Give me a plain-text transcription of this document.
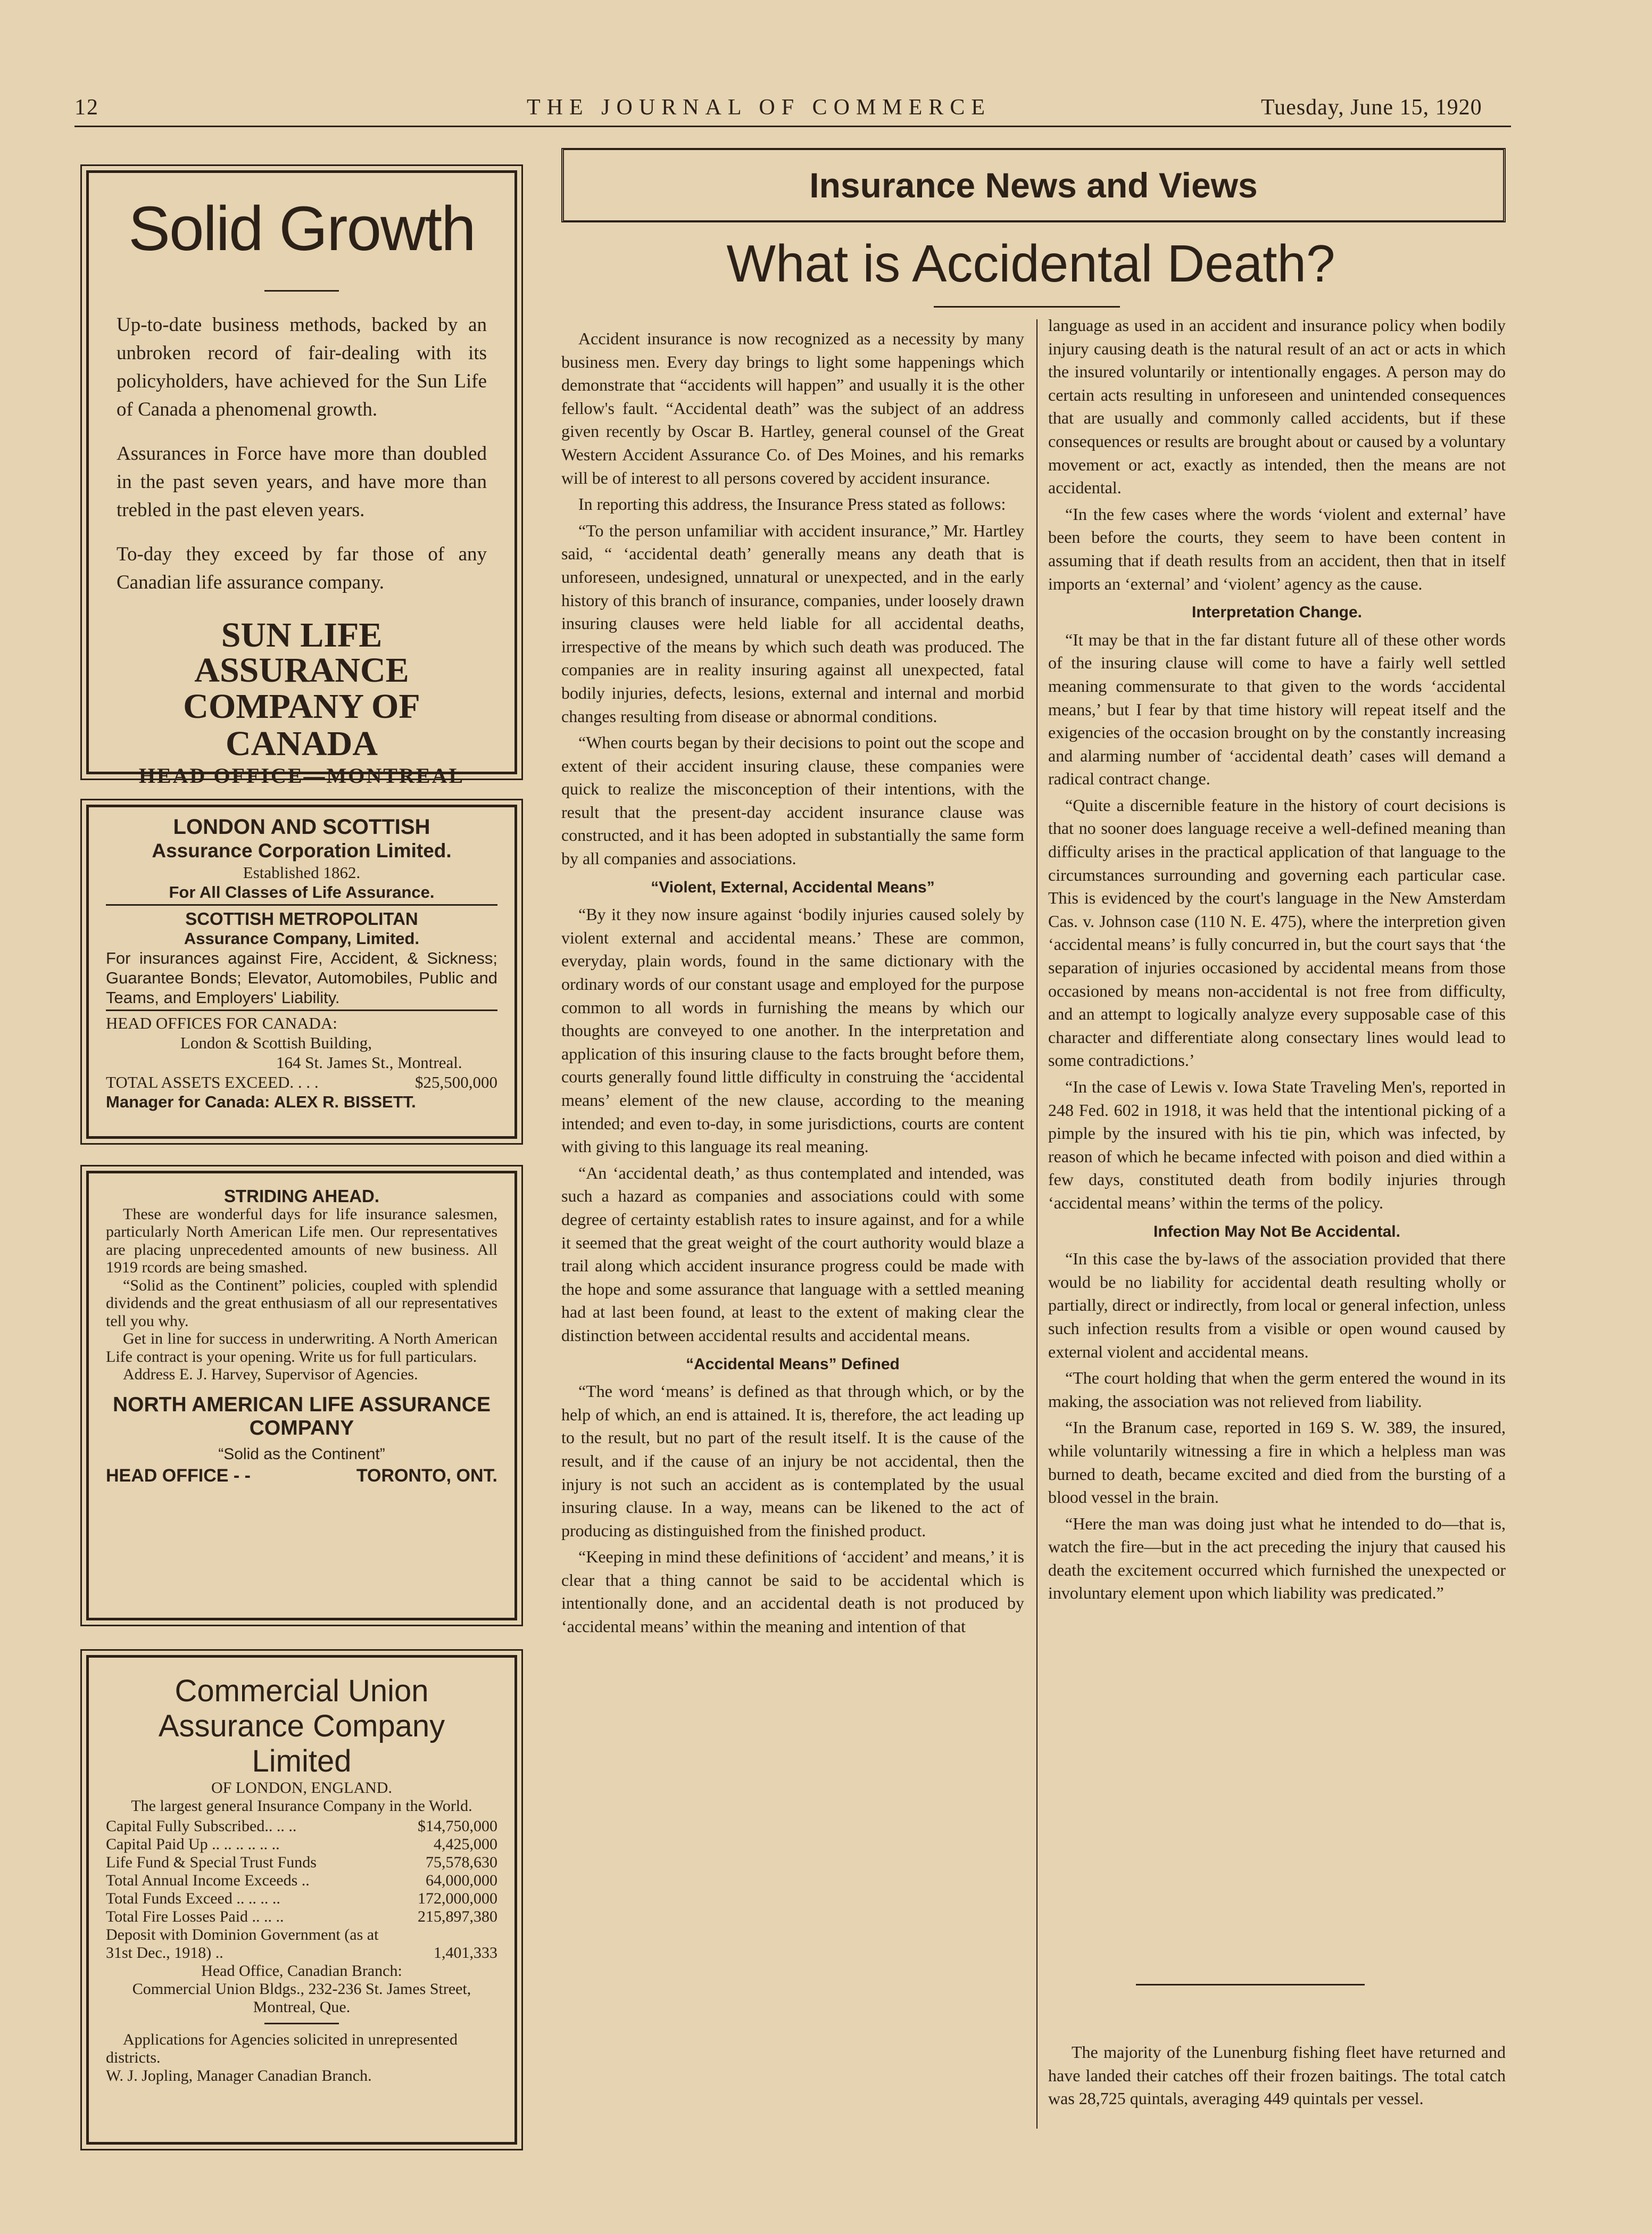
12	THE JOURNAL OF COMMERCE	Tuesday, June 15, 1920
Solid Growth

Up-to-date business methods, backed by an unbroken record of fair-dealing with its policyholders, have achieved for the Sun Life of Canada a phenomenal growth.

Assurances in Force have more than doubled in the past seven years, and have more than trebled in the past eleven years.

To-day they exceed by far those of any Canadian life assurance company.

SUN LIFE ASSURANCE
COMPANY OF CANADA
HEAD OFFICE—MONTREAL
LONDON AND SCOTTISH
Assurance Corporation Limited.
Established 1862.
For All Classes of Life Assurance.
SCOTTISH METROPOLITAN
Assurance Company, Limited.
For insurances against Fire, Accident, & Sickness; Guarantee Bonds; Elevator, Automobiles, Public and Teams, and Employers' Liability.
HEAD OFFICES FOR CANADA:
London & Scottish Building,
164 St. James St., Montreal.
TOTAL ASSETS EXCEED. . . .	$25,500,000
Manager for Canada: ALEX R. BISSETT.
STRIDING AHEAD.

These are wonderful days for life insurance salesmen, particularly North American Life men. Our representatives are placing unprecedented amounts of new business. All 1919 rcords are being smashed.

“Solid as the Continent” policies, coupled with splendid dividends and the great enthusiasm of all our representatives tell you why.

Get in line for success in underwriting. A North American Life contract is your opening. Write us for full particulars.

Address E. J. Harvey, Supervisor of Agencies.

NORTH AMERICAN LIFE ASSURANCE COMPANY
“Solid as the Continent”
HEAD OFFICE - -	TORONTO, ONT.
Commercial Union Assurance Company Limited
OF LONDON, ENGLAND.
The largest general Insurance Company in the World.
Capital Fully Subscribed.. .. ..	$14,750,000
Capital Paid Up .. .. .. .. .. ..	4,425,000
Life Fund & Special Trust Funds	75,578,630
Total Annual Income Exceeds ..	64,000,000
Total Funds Exceed .. .. .. ..	172,000,000
Total Fire Losses Paid .. .. ..	215,897,380
Deposit with Dominion Government (as at 31st Dec., 1918) ..	1,401,333
Head Office, Canadian Branch:
Commercial Union Bldgs., 232-236 St. James Street, Montreal, Que.
Applications for Agencies solicited in unrepresented districts.
W. J. Jopling, Manager Canadian Branch.
Insurance News and Views
What is Accidental Death?

Accident insurance is now recognized as a necessity by many business men. Every day brings to light some happenings which demonstrate that “accidents will happen” and usually it is the other fellow's fault. “Accidental death” was the subject of an address given recently by Oscar B. Hartley, general counsel of the Great Western Accident Assurance Co. of Des Moines, and his remarks will be of interest to all persons covered by accident insurance.

In reporting this address, the Insurance Press stated as follows:

“To the person unfamiliar with accident insurance,” Mr. Hartley said, “ ‘accidental death’ generally means any death that is unforeseen, undesigned, unnatural or unexpected, and in the early history of this branch of insurance, companies, under loosely drawn insuring clauses were held liable for all accidental deaths, irrespective of the means by which such death was produced. The companies are in reality insuring against all unexpected, fatal bodily injuries, defects, lesions, external and internal and morbid changes resulting from disease or abnormal conditions.

“When courts began by their decisions to point out the scope and extent of their accident insuring clause, these companies were quick to realize the misconception of their intentions, with the result that the present-day accident insurance clause was constructed, and it has been adopted in substantially the same form by all companies and associations.

“Violent, External, Accidental Means”

“By it they now insure against ‘bodily injuries caused solely by violent external and accidental means.’ These are common, everyday, plain words, found in the same dictionary with the ordinary words of our constant usage and employed for the purpose common to all words in furnishing the means by which our thoughts are conveyed to one another. In the interpretation and application of this insuring clause to the facts brought before them, courts generally found little difficulty in construing the ‘accidental means’ element of the new clause, according to the meaning intended; and even to-day, in some jurisdictions, courts are content with giving to this language its real meaning.

“An ‘accidental death,’ as thus contemplated and intended, was such a hazard as companies and associations could with some degree of certainty establish rates to insure against, and for a while it seemed that the great weight of the court authority would blaze a trail along which accident insurance progress could be made with the hope and some assurance that language with a settled meaning had at last been found, at least to the extent of making clear the distinction between accidental results and accidental means.

“Accidental Means” Defined

“The word ‘means’ is defined as that through which, or by the help of which, an end is attained. It is, therefore, the act leading up to the result, but no part of the result itself. It is the cause of the result, and if the cause of an injury be not accidental, then the injury is not such an accident as is contemplated by the usual insuring clause. In a way, means can be likened to the act of producing as distinguished from the finished product.

“Keeping in mind these definitions of ‘accident’ and means,’ it is clear that a thing cannot be said to be accidental which is intentionally done, and an accidental death is not produced by ‘accidental means’ within the meaning and intention of that

language as used in an accident and insurance policy when bodily injury causing death is the natural result of an act or acts in which the insured voluntarily or intentionally engages. A person may do certain acts resulting in unforeseen and unintended consequences that are usually and commonly called accidents, but if these consequences or results are brought about or caused by a voluntary movement or act, exactly as intended, then the means are not accidental.

“In the few cases where the words ‘violent and external’ have been before the courts, they seem to have been content in assuming that if death results from an accident, then that in itself imports an ‘external’ and ‘violent’ agency as the cause.

Interpretation Change.

“It may be that in the far distant future all of these other words of the insuring clause will come to have a fairly well settled meaning commensurate to that given to the words ‘accidental means,’ but I fear by that time history will repeat itself and the exigencies of the occasion brought on by the constantly increasing and alarming number of ‘accidental death’ cases will demand a radical contract change.

“Quite a discernible feature in the history of court decisions is that no sooner does language receive a well-defined meaning than difficulty arises in the practical application of that language to the circumstances surrounding and governing each particular case. This is evidenced by the court's language in the New Amsterdam Cas. v. Johnson case (110 N. E. 475), where the interpretion given ‘accidental means’ is fully concurred in, but the court says that ‘the separation of injuries occasioned by accidental means from those occasioned by means non-accidental is not free from difficulty, and an attempt to logically analyze every supposable case of this character and differentiate along consectary lines would lead to some contradictions.’

“In the case of Lewis v. Iowa State Traveling Men's, reported in 248 Fed. 602 in 1918, it was held that the intentional picking of a pimple by the insured with his tie pin, which was infected, by reason of which he became infected with poison and died within a few days, constituted death from bodily injuries through ‘accidental means’ within the terms of the policy.

Infection May Not Be Accidental.

“In this case the by-laws of the association provided that there would be no liability for accidental death resulting wholly or partially, direct or indirectly, from local or general infection, unless such infection results from a visible or open wound caused by external violent and accidental means.

“The court holding that when the germ entered the wound in its making, the association was not relieved from liability.

“In the Branum case, reported in 169 S. W. 389, the insured, while voluntarily witnessing a fire in which a helpless man was burned to death, became excited and died from the bursting of a blood vessel in the brain.

“Here the man was doing just what he intended to do—that is, watch the fire—but in the act preceding the injury that caused his death the excitement occurred which furnished the unexpected or involuntary element upon which liability was predicated.”

The majority of the Lunenburg fishing fleet have returned and have landed their catches off their frozen baitings. The total catch was 28,725 quintals, averaging 449 quintals per vessel.
